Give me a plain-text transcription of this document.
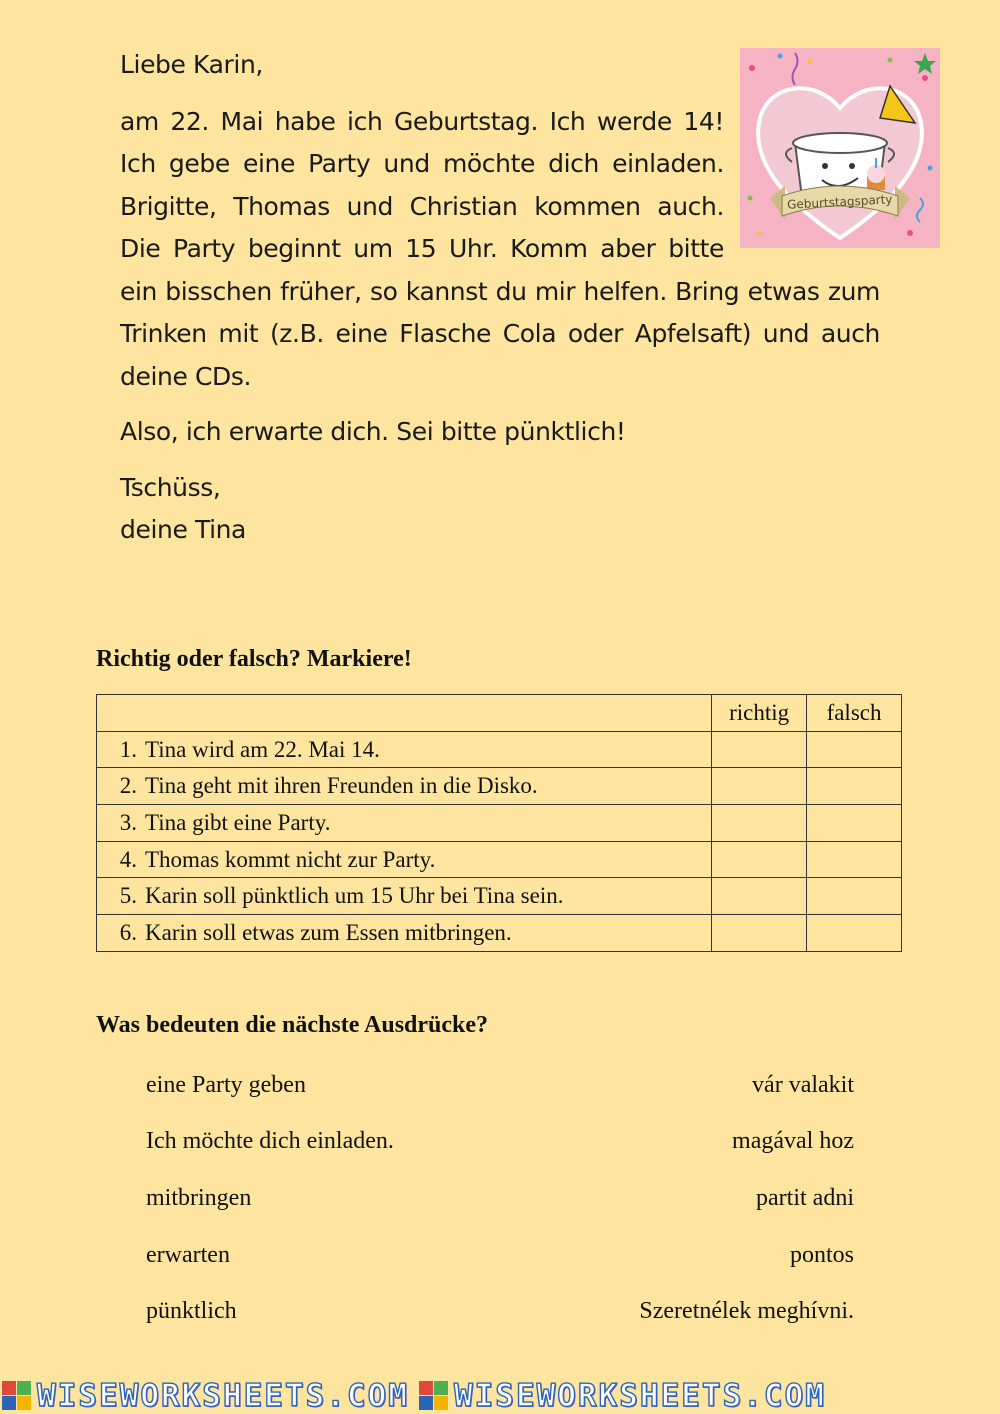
Liebe Karin,

am 22. Mai habe ich Geburtstag. Ich werde 14! Ich gebe eine Party und möchte dich einladen. Brigitte, Thomas und Christian kommen auch. Die Party beginnt um 15 Uhr. Komm aber bitte ein bisschen früher, so kannst du mir helfen. Bring etwas zum Trinken mit (z.B. eine Flasche Cola oder Apfelsaft) und auch deine CDs.

Also, ich erwarte dich. Sei bitte pünktlich!

Tschüss,

deine Tina

Geburtstagsparty
Richtig oder falsch? Markiere!
	richtig	falsch
1. Tina wird am 22. Mai 14.		
2. Tina geht mit ihren Freunden in die Disko.		
3. Tina gibt eine Party.		
4. Thomas kommt nicht zur Party.		
5. Karin soll pünktlich um 15 Uhr bei Tina sein.		
6. Karin soll etwas zum Essen mitbringen.		
Was bedeuten die nächste Ausdrücke?
eine Party geben	vár valakit
Ich möchte dich einladen.	magával hoz
mitbringen	partit adni
erwarten	pontos
pünktlich	Szeretnélek meghívni.
WISEWORKSHEETS.COM WISEWORKSHEETS.COM
